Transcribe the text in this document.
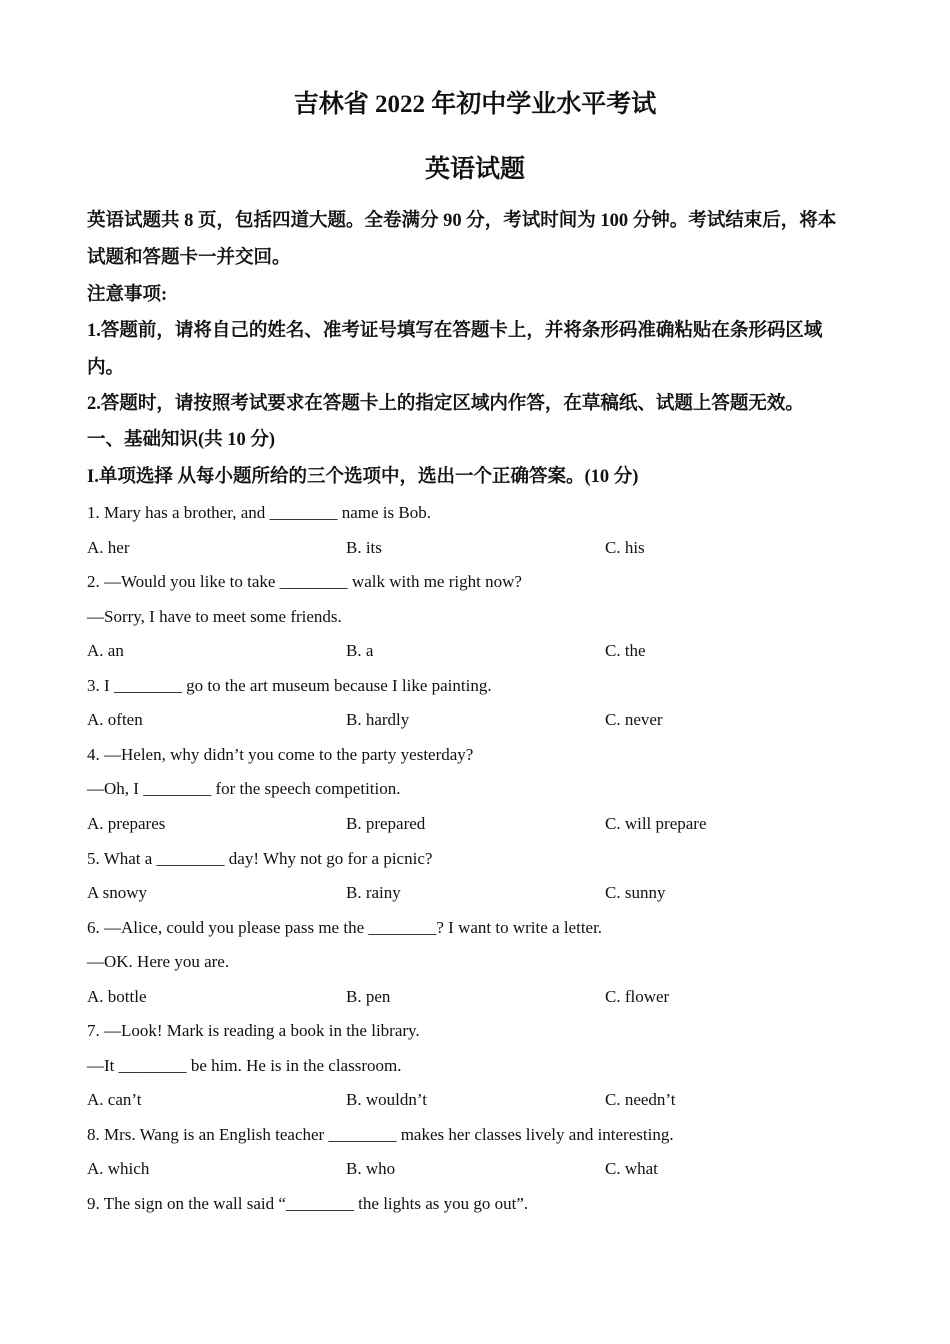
吉林省 2022 年初中学业水平考试
英语试题
英语试题共 8 页，包括四道大题。全卷满分 90 分，考试时间为 100 分钟。考试结束后，将本
试题和答题卡一并交回。
注意事项:
1.答题前，请将自己的姓名、准考证号填写在答题卡上，并将条形码准确粘贴在条形码区域
内。
2.答题时，请按照考试要求在答题卡上的指定区域内作答，在草稿纸、试题上答题无效。
一、基础知识(共 10 分)
I.单项选择 从每小题所给的三个选项中，选出一个正确答案。(10 分)
1. Mary has a brother, and ________ name is Bob.
A. her	B. its	C. his
2. —Would you like to take ________ walk with me right now?
—Sorry, I have to meet some friends.
A. an	B. a	C. the
3. I ________ go to the art museum because I like painting.
A. often	B. hardly	C. never
4. —Helen, why didn’t you come to the party yesterday?
—Oh, I ________ for the speech competition.
A. prepares	B. prepared	C. will prepare
5. What a ________ day! Why not go for a picnic?
A snowy	B. rainy	C. sunny
6. —Alice, could you please pass me the ________? I want to write a letter.
—OK. Here you are.
A. bottle	B. pen	C. flower
7. —Look! Mark is reading a book in the library.
—It ________ be him. He is in the classroom.
A. can’t	B. wouldn’t	C. needn’t
8. Mrs. Wang is an English teacher ________ makes her classes lively and interesting.
A. which	B. who	C. what
9. The sign on the wall said “________ the lights as you go out”.
